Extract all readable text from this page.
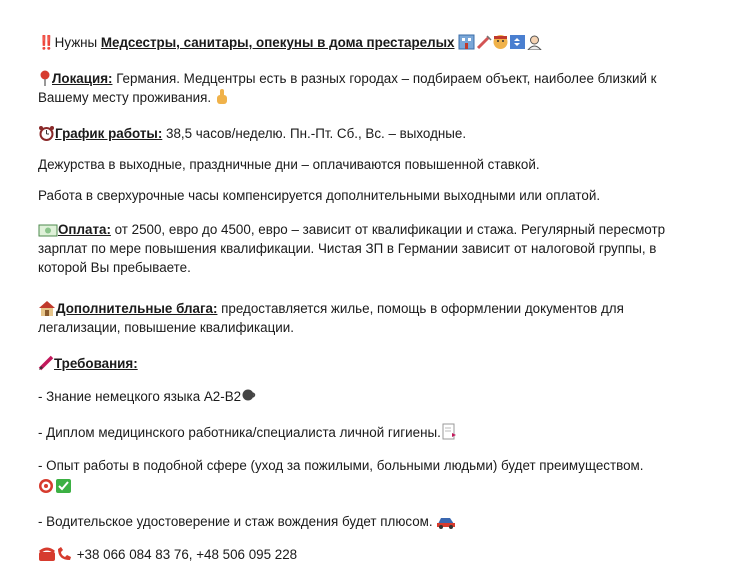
‼️Нужны Медсестры, санитары, опекуны в дома престарелых
Локация: Германия. Медцентры есть в разных городах – подбираем объект, наиболее близкий к Вашему месту проживания.
График работы: 38,5 часов/неделю. Пн.-Пт. Сб., Вс. – выходные.
Дежурства в выходные, праздничные дни – оплачиваются повышенной ставкой.
Работа в сверхурочные часы компенсируется дополнительными выходными или оплатой.
Оплата: от 2500, евро до 4500, евро – зависит от квалификации и стажа. Регулярный пересмотр зарплат по мере повышения квалификации. Чистая ЗП в Германии зависит от налоговой группы, в которой Вы пребываете.
Дополнительные блага: предоставляется жилье, помощь в оформлении документов для легализации, повышение квалификации.
Требования:
- Знание немецкого языка А2-В2
- Диплом медицинского работника/специалиста личной гигиены.
- Опыт работы в подобной сфере (уход за пожилыми, больными людьми) будет преимуществом.
- Водительское удостоверение и стаж вождения будет плюсом.
+38 066 084 83 76, +48 506 095 228
